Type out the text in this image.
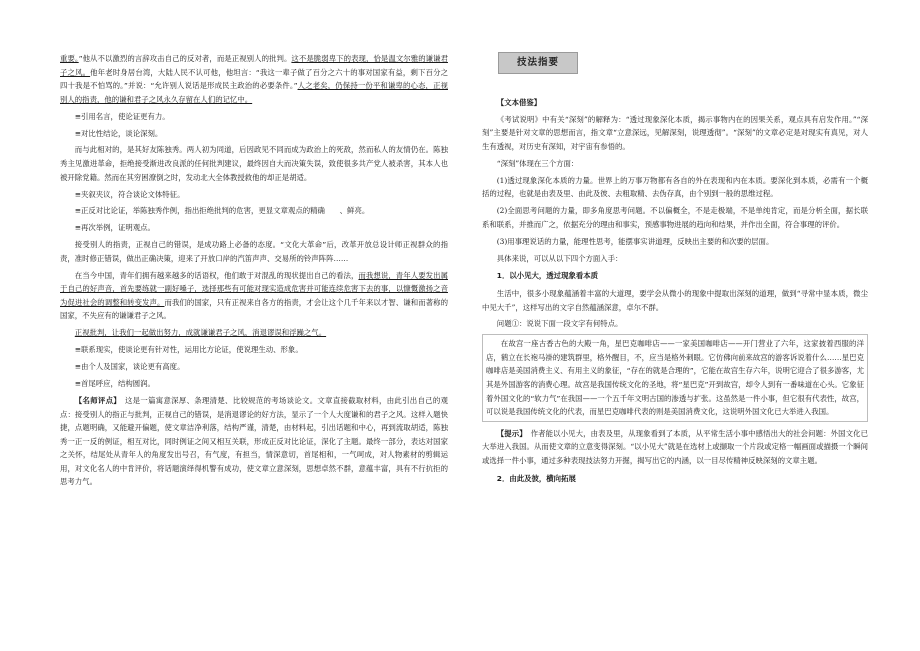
重要。”他从不以激烈的言辞攻击自己的反对者，而是正视别人的批判。这不是脆弱卑下的表现，恰是温文尔雅的谦谦君子之风。他年老时身居台湾，大陆人民不认可他，他坦言：“我这一辈子做了百分之六十的事对国家有益，剩下百分之四十我是不怕骂的。”并说：“允许别人说话是形成民主政治的必要条件。”人之老矣，仍保持一份平和谦卑的心态，正视别人的指责，他的谦和君子之风永久存留在人们的记忆中。

≡引用名言，使论证更有力。

≡对比性结论，谈论深刻。

而与此相对的，是其好友陈独秀。两人初为同道，后因政见不同而成为政治上的死敌，然而私人的友情仍在。陈独秀主见激进革命，拒绝接受渐进改良派的任何批判建议，最终因自大而决策失误，致使很多共产党人被杀害，其本人也被开除党籍。然而在其穷困潦倒之时，发动北大全体教授救他的却正是胡适。

≡夹叙夹议，符合谈论文体特征。

≡正反对比论证，举陈独秀作例，指出拒绝批判的危害，更显文章观点的精确　　、鲜亮。

≡再次举例，证明观点。

接受别人的指责，正视自己的错误，是成功路上必备的态度。“文化大革命”后，改革开放总设计师正视群众的指责，准时修正错误，做出正确决策，迎来了开放口岸的汽笛声声、交易所的铃声阵阵……

在当今中国，青年们拥有越来越多的话语权，他们敢于对混乱的现状提出自己的看法，而我想说，青年人要发出属于自己的好声音，首先要练就一副好嗓子，选择那些有可能对现实造成危害并可能连续危害下去的事，以慷慨激扬之音为促进社会的调整和转变发声。而我们的国家，只有正视来自各方的指责，才会让这个几千年来以才智、谦和而著称的国家，不失应有的谦谦君子之风。

正视批判，让我们一起做出努力，成就谦谦君子之风，消退谬误和浮躁之气。

≡联系现实，使谈论更有针对性，运用比方论证，使说理生动、形象。

≡由个人及国家，谈论更有高度。

≡首尾呼应，结构圆润。

【名师评点】　 这是一篇寓意深厚、条理清楚、比较规范的考场谈论文。文章直接截取材料，由此引出自己的观点：接受别人的指正与批判，正视自己的错误，是消退谬论的好方法，显示了一个人大度谦和的君子之风。这样入题快捷，点题明确，又能避开偏题，使文章洁净利落，结构严谨，清楚，由材料起，引出话题和中心，再到流取胡适，陈独秀一正一反的例证，相互对比，同时例证之间又相互关联，形成正反对比论证，深化了主题。最终一部分，表达对国家之关怀，结尾处从青年人的角度发出号召，有气度，有担当，情深意切，首尾相和，一气呵成，对人物素材的剪辑运用，对文化名人的中肯评价，将话题演绎得机警有成功，使文章立意深刻，思想卓然不群，意蕴丰富，具有不行抗拒的思考力气。

技法指要

【文本借鉴】

《考试说明》中有关“深刻”的解释为：“透过现象深化本质，揭示事物内在的因果关系，观点具有启发作用。”“深刻”主要是针对文章的思想而言，指文章“立意深远，见解深刻，说理透彻”。“深刻”的文章必定是对现实有真见，对人生有透视，对历史有深知，对宇宙有参悟的。

“深刻”体现在三个方面：

(1)透过现象深化本质的力量。世界上的万事万物都有各自的外在表现和内在本质。要深化到本质，必需有一个概括的过程，也就是由表及里、由此及彼、去粗取精、去伪存真，由个别到一般的思维过程。

(2)全面思考问题的力量，即多角度思考问题。不以偏概全，不是走极端，不是单纯肯定，而是分析全面，据长联系和联系，并推而广之，依据充分的理由和事实，预感事物进展的趋向和结果，并作出全面，符合事理的评价。

(3)用事理说话的力量，能理性思考，能摆事实讲道理，反映出主要的和次要的层面。

具体来说，可以从以下四个方面入手：

1．以小见大，透过现象看本质

生活中，很多小现象蕴涵着丰富的大道理，要学会从微小的现象中提取出深刻的道理，做到“寻常中显本质，微尘中见大千”，这样写出的文字自然蕴涵深意，卓尔不群。

问题①：说说下面一段文字有何特点。

在故宫一座古香古色的大殿一角，星巴克咖啡店——一家美国咖啡店——开门营业了六年，这家披着西服的洋店，鹤立在长袍马褂的建筑群里，格外醒目，不，应当是格外刺眼。它仿佛向前来故宫的游客诉说着什么……星巴克咖啡店是美国消费主义、有用主义的象征，“存在的就是合理的”，它能在故宫生存六年，说明它迎合了很多游客，尤其是外国游客的消费心理。故宫是我国传统文化的圣地，将“星巴克”开到故宫，却令人到有一番味道在心头。它象征着外国文化的“软力气”在我国——一个五千年文明古国的渗透与扩张。这虽然是一件小事，但它很有代表性，故宫，可以说是我国传统文化的代表，而星巴克咖啡代表的则是美国消费文化，这说明外国文化已大举进入我国。

【提示】　 作者能以小见大，由表及里，从现象看到了本质，从平常生活小事中感悟出大的社会问题：外国文化已大举进入我国。从而使文章的立意变得深刻。“以小见大”就是在选材上或撷取一个片段或定格一幅画面或描摄一个瞬间或选择一件小事，通过多种表现技法努力开掘，揭写出它的内涵，以一目尽传精神反映深刻的文章主题。

2．由此及彼，横向拓展
